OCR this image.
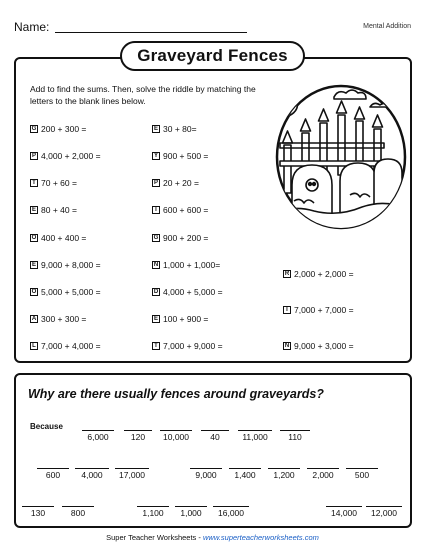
Name:	Mental Addition
Graveyard Fences
Add to find the sums. Then, solve the riddle by matching the letters to the blank lines below.
G 200 + 300 =
P 4,000 + 2,000 =
T 70 + 60 =
E 80 + 40 =
O 400 + 400 =
E 9,000 + 8,000 =
O 5,000 + 5,000 =
A 300 + 300 =
L 7,000 + 4,000 =
E 30 + 80=
Y 900 + 500 =
P 20 + 20 =
I 600 + 600 =
G 900 + 200 =
N 1,000 + 1,000=
D 4,000 + 5,000 =
E 100 + 900 =
T 7,000 + 9,000 =
R 2,000 + 2,000 =
I 7,000 + 7,000 =
N 9,000 + 3,000 =
Why are there usually fences around graveyards?
Because
6,000	120	10,000	40	11,000	110
600	4,000	17,000	9,000	1,400	1,200	2,000	500
130	800	1,100	1,000	16,000	14,000	12,000
Super Teacher Worksheets - www.superteacherworksheets.com
